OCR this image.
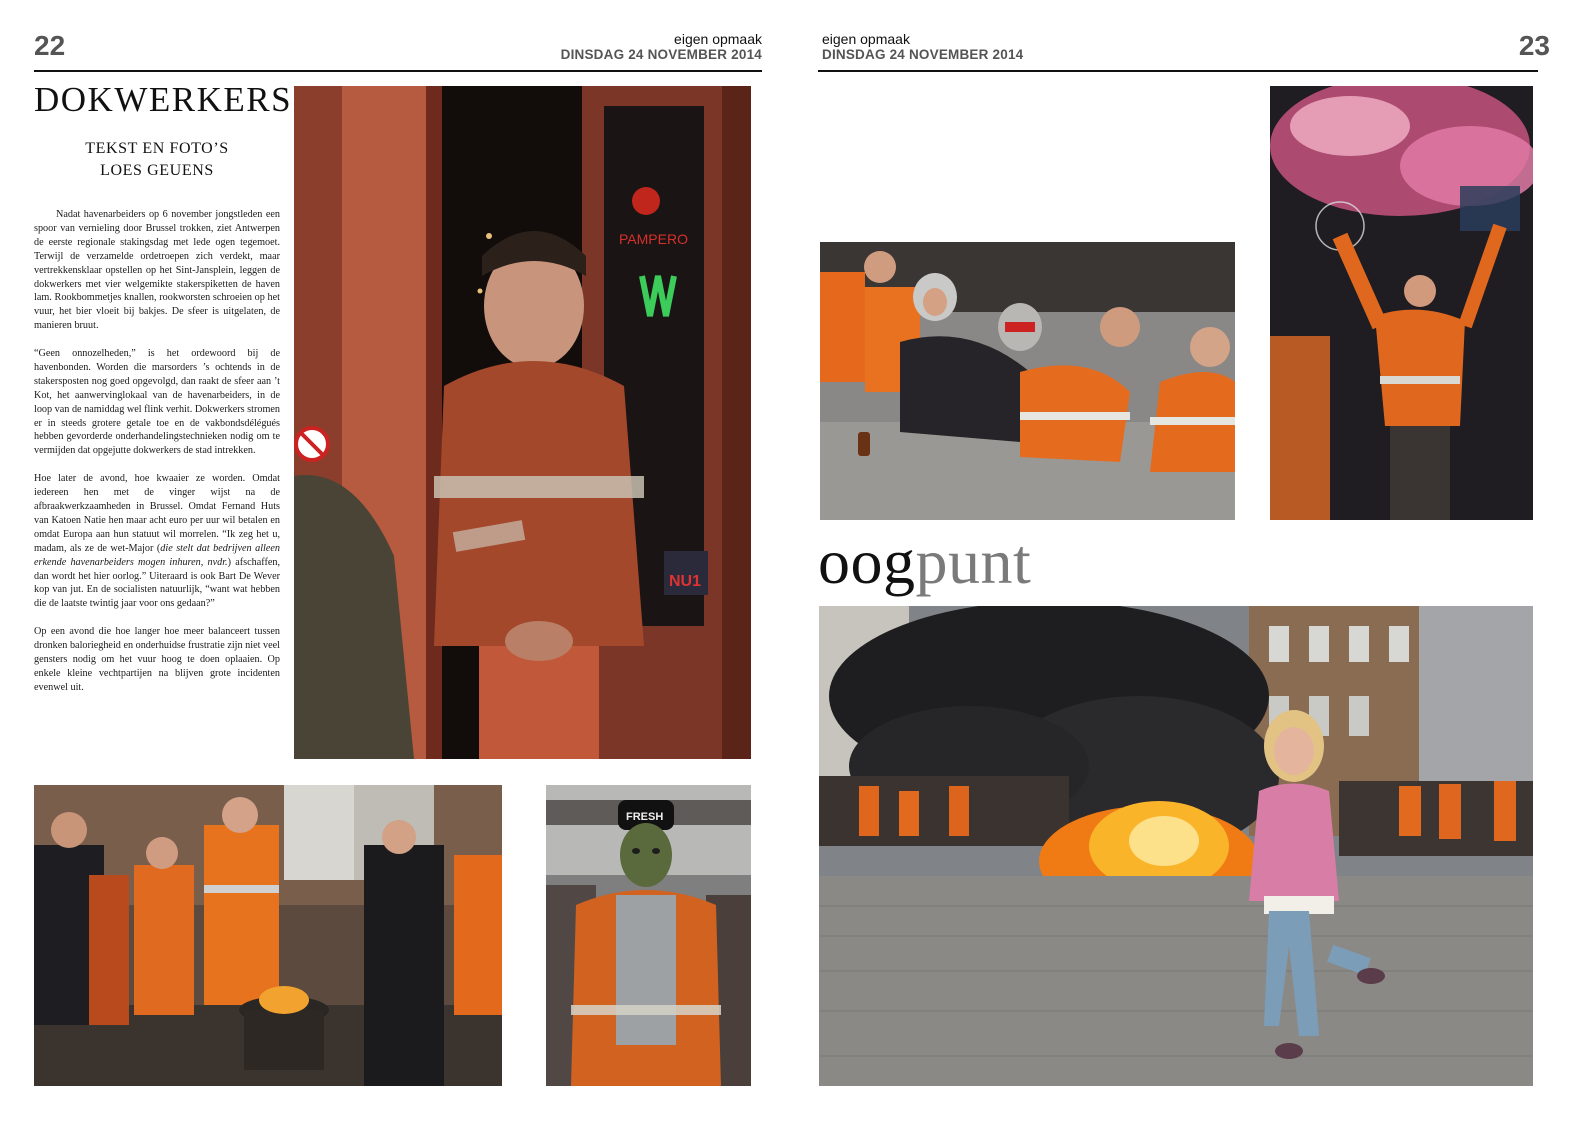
22	eigen opmaak
DINSDAG 24 NOVEMBER 2014
eigen opmaak
DINSDAG 24 NOVEMBER 2014	23
DOKWERKERS
TEKST EN FOTO’S
LOES GEUENS

Nadat havenarbeiders op 6 november jongstleden een spoor van vernieling door Brussel trokken, ziet Antwerpen de eerste regionale stakingsdag met lede ogen tegemoet. Terwijl de verzamelde ordetroepen zich verdekt, maar vertrekkensklaar opstellen op het Sint-Jansplein, leggen de dokwerkers met vier welgemikte stakerspiketten de haven lam. Rookbommetjes knallen, rookworsten schroeien op het vuur, het bier vloeit bij bakjes. De sfeer is uitgelaten, de manieren bruut.

“Geen onnozelheden,” is het ordewoord bij de havenbonden. Worden die marsorders ’s ochtends in de stakersposten nog goed opgevolgd, dan raakt de sfeer aan ’t Kot, het aanwervinglokaal van de havenarbeiders, in de loop van de namiddag wel flink verhit. Dokwerkers stromen er in steeds grotere getale toe en de vakbondsdélégués hebben gevorderde onderhandelingstechnieken nodig om te vermijden dat opgejutte dokwerkers de stad intrekken.

Hoe later de avond, hoe kwaaier ze worden. Omdat iedereen hen met de vinger wijst na de afbraakwerkzaamheden in Brussel. Omdat Fernand Huts van Katoen Natie hen maar acht euro per uur wil betalen en omdat Europa aan hun statuut wil morrelen. “Ik zeg het u, madam, als ze de wet-Major (die stelt dat bedrijven alleen erkende havenarbeiders mogen inhuren, nvdr.) afschaffen, dan wordt het hier oorlog.” Uiteraard is ook Bart De Wever kop van jut. En de socialisten natuurlijk, “want wat hebben die de laatste twintig jaar voor ons gedaan?”

Op een avond die hoe langer hoe meer balanceert tussen dronken baloriegheid en onderhuidse frustratie zijn niet veel gensters nodig om het vuur hoog te doen oplaaien. Op enkele kleine vechtpartijen na blijven grote incidenten evenwel uit.

PAMPERO
NU1
FRESH
oogpunt
